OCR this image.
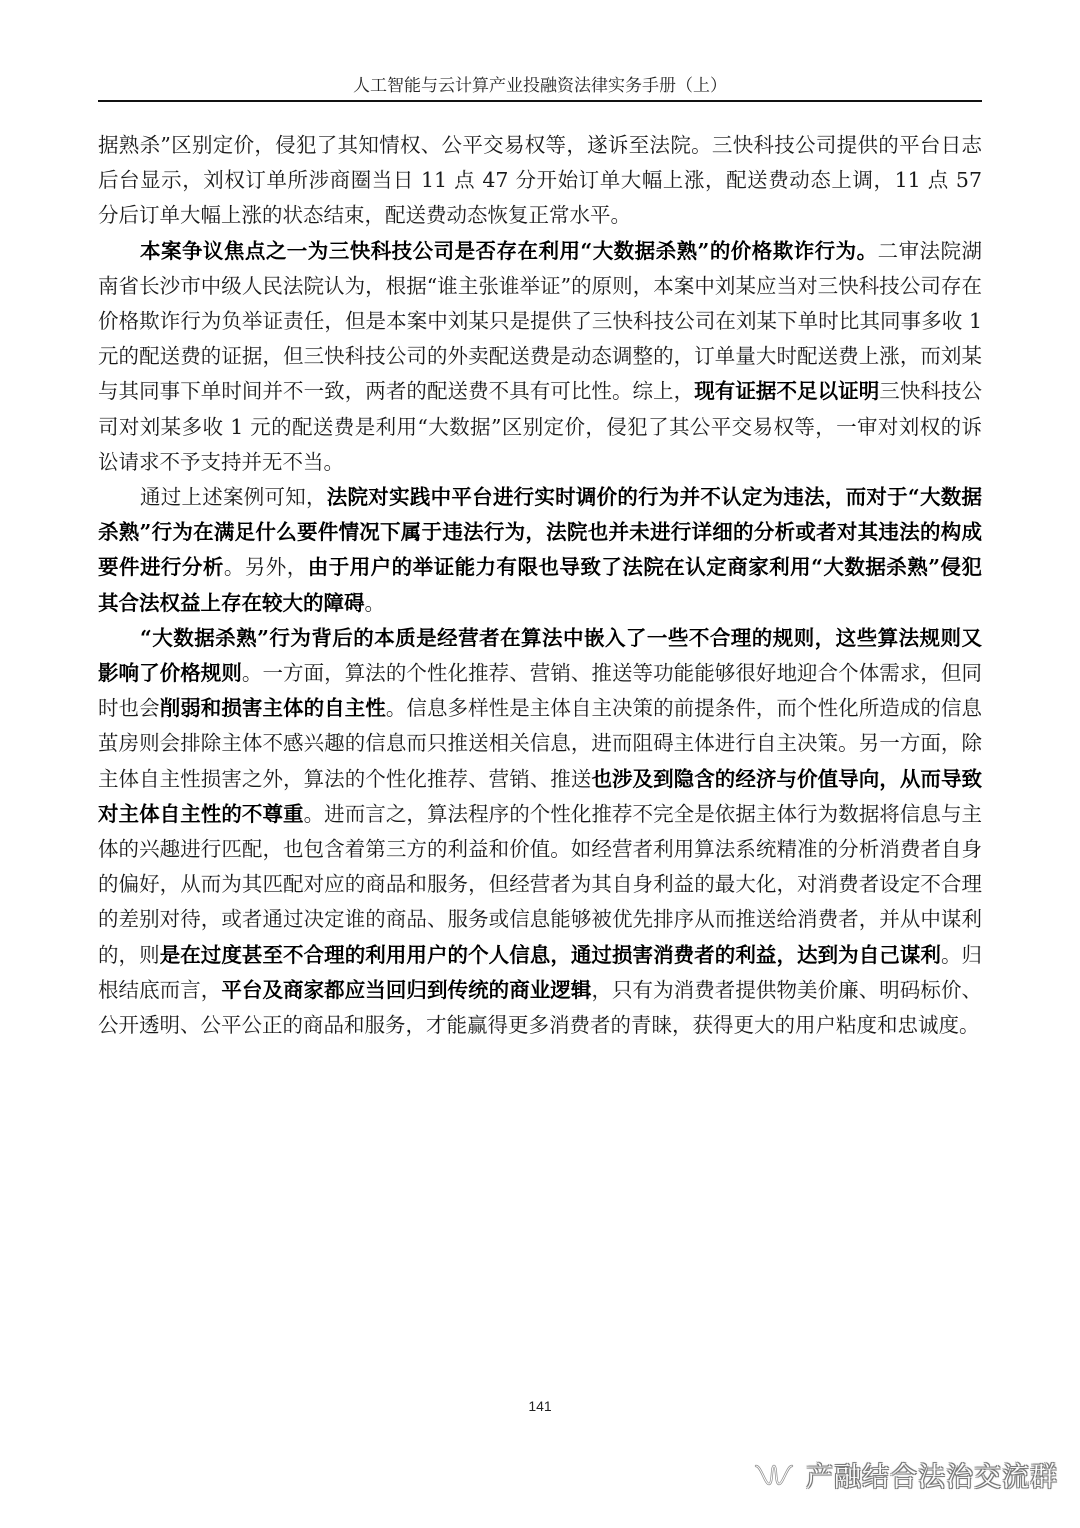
人工智能与云计算产业投融资法律实务手册（上）

据熟杀”区别定价，侵犯了其知情权、公平交易权等，遂诉至法院。三快科技公司提供的平台日志后台显示，刘权订单所涉商圈当日 11 点 47 分开始订单大幅上涨，配送费动态上调，11 点 57 分后订单大幅上涨的状态结束，配送费动态恢复正常水平。

本案争议焦点之一为三快科技公司是否存在利用“大数据杀熟”的价格欺诈行为。二审法院湖南省长沙市中级人民法院认为，根据“谁主张谁举证”的原则，本案中刘某应当对三快科技公司存在价格欺诈行为负举证责任，但是本案中刘某只是提供了三快科技公司在刘某下单时比其同事多收 1 元的配送费的证据，但三快科技公司的外卖配送费是动态调整的，订单量大时配送费上涨，而刘某与其同事下单时间并不一致，两者的配送费不具有可比性。综上，现有证据不足以证明三快科技公司对刘某多收 1 元的配送费是利用“大数据”区别定价，侵犯了其公平交易权等，一审对刘权的诉讼请求不予支持并无不当。

通过上述案例可知，法院对实践中平台进行实时调价的行为并不认定为违法，而对于“大数据杀熟”行为在满足什么要件情况下属于违法行为，法院也并未进行详细的分析或者对其违法的构成要件进行分析。另外，由于用户的举证能力有限也导致了法院在认定商家利用“大数据杀熟”侵犯其合法权益上存在较大的障碍。

“大数据杀熟”行为背后的本质是经营者在算法中嵌入了一些不合理的规则，这些算法规则又影响了价格规则。一方面，算法的个性化推荐、营销、推送等功能能够很好地迎合个体需求，但同时也会削弱和损害主体的自主性。信息多样性是主体自主决策的前提条件，而个性化所造成的信息茧房则会排除主体不感兴趣的信息而只推送相关信息，进而阻碍主体进行自主决策。另一方面，除主体自主性损害之外，算法的个性化推荐、营销、推送也涉及到隐含的经济与价值导向，从而导致对主体自主性的不尊重。进而言之，算法程序的个性化推荐不完全是依据主体行为数据将信息与主体的兴趣进行匹配，也包含着第三方的利益和价值。如经营者利用算法系统精准的分析消费者自身的偏好，从而为其匹配对应的商品和服务，但经营者为其自身利益的最大化，对消费者设定不合理的差别对待，或者通过决定谁的商品、服务或信息能够被优先排序从而推送给消费者，并从中谋利的，则是在过度甚至不合理的利用用户的个人信息，通过损害消费者的利益，达到为自己谋利。归根结底而言，平台及商家都应当回归到传统的商业逻辑，只有为消费者提供物美价廉、明码标价、公开透明、公平公正的商品和服务，才能赢得更多消费者的青睐，获得更大的用户粘度和忠诚度。

141
产融结合法治交流群
